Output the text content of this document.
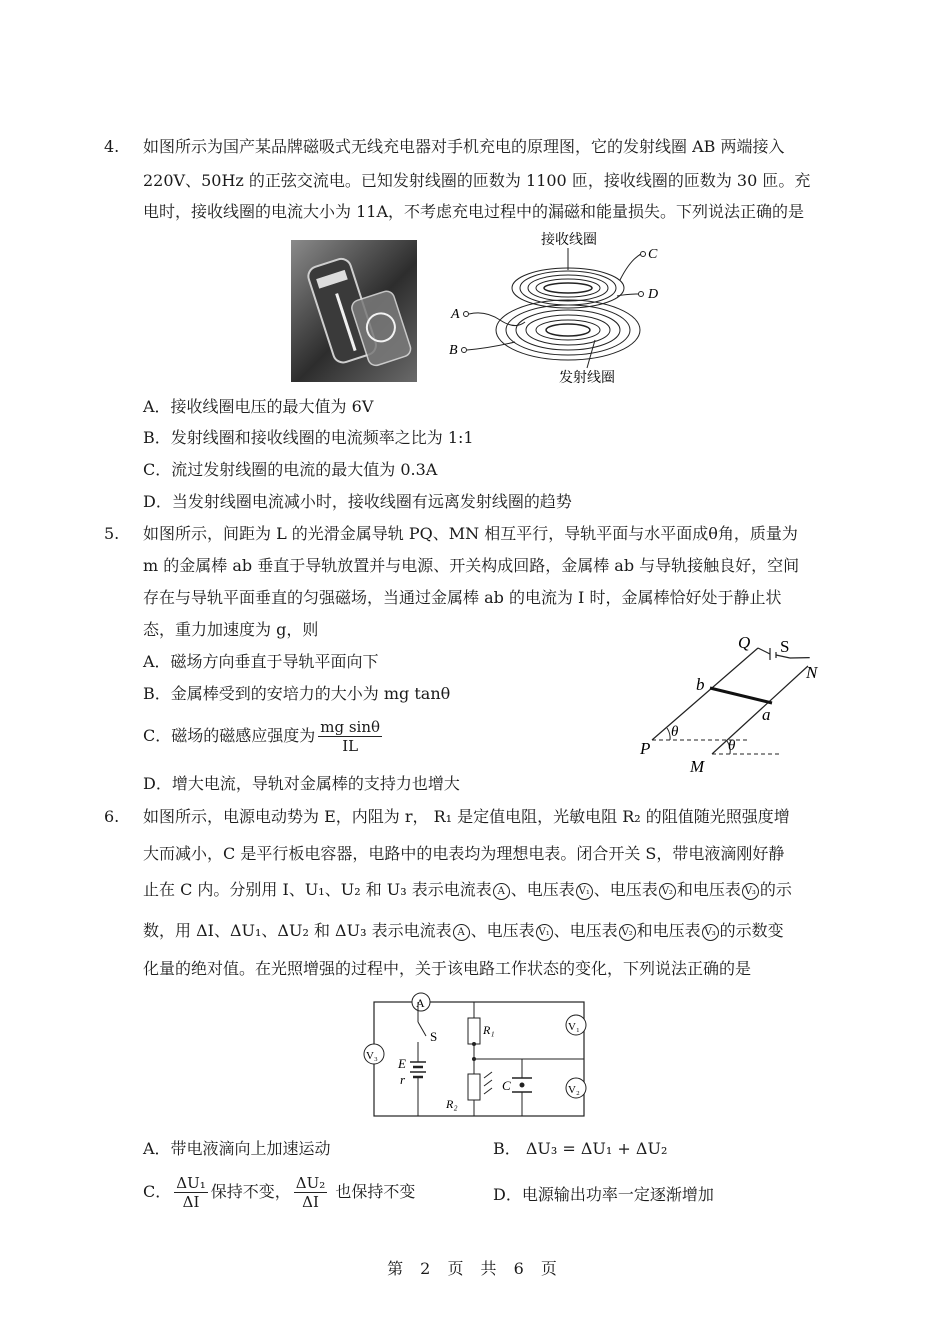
4. 如图所示为国产某品牌磁吸式无线充电器对手机充电的原理图，它的发射线圈 AB 两端接入
220V、50Hz 的正弦交流电。已知发射线圈的匝数为 1100 匝，接收线圈的匝数为 30 匝。充
电时，接收线圈的电流大小为 11A，不考虑充电过程中的漏磁和能量损失。下列说法正确的是
接收线圈
C
D
A
B
发射线圈
A．接收线圈电压的最大值为 6V
B．发射线圈和接收线圈的电流频率之比为 1:1
C．流过发射线圈的电流的最大值为 0.3A
D．当发射线圈电流减小时，接收线圈有远离发射线圈的趋势
5. 如图所示，间距为 L 的光滑金属导轨 PQ、MN 相互平行，导轨平面与水平面成θ角，质量为
m 的金属棒 ab 垂直于导轨放置并与电源、开关构成回路，金属棒 ab 与导轨接触良好，空间
存在与导轨平面垂直的匀强磁场，当通过金属棒 ab 的电流为 I 时，金属棒恰好处于静止状
态，重力加速度为 g，则
A．磁场方向垂直于导轨平面向下
B．金属棒受到的安培力的大小为 mg tanθ
C．磁场的磁感应强度为 $\frac{\text{mg sinθ}}{IL}$
D．增大电流，导轨对金属棒的支持力也增大
Q S
N
b
a
P
M
θ
θ
6. 如图所示，电源电动势为 E，内阻为 r， R₁ 是定值电阻，光敏电阻 R₂ 的阻值随光照强度增
大而减小，C 是平行板电容器，电路中的电表均为理想电表。闭合开关 S，带电液滴刚好静
止在 C 内。分别用 I、U₁、U₂ 和 U₃ 表示电流表 A 、电压表 V₁ 、电压表 V₂ 和电压表 V₃ 的示
数，用 ΔI、ΔU₁、ΔU₂ 和 ΔU₃ 表示电流表 A 、电压表 V₁ 、电压表 V₂ 和电压表 V₃ 的示数变
化量的绝对值。在光照增强的过程中，关于该电路工作状态的变化，下列说法正确的是
A
V₃
S
E
r
R₁
R₂
C
V₁
V₂
A．带电液滴向上加速运动	B． ΔU₃ = ΔU₁ + ΔU₂
C． $\frac{\text{ΔU₁}}{\Delta I}$ 保持不变， $\frac{\text{ΔU₂}}{\Delta I}$ 也保持不变	D．电源输出功率一定逐渐增加
第 2 页 共 6 页
